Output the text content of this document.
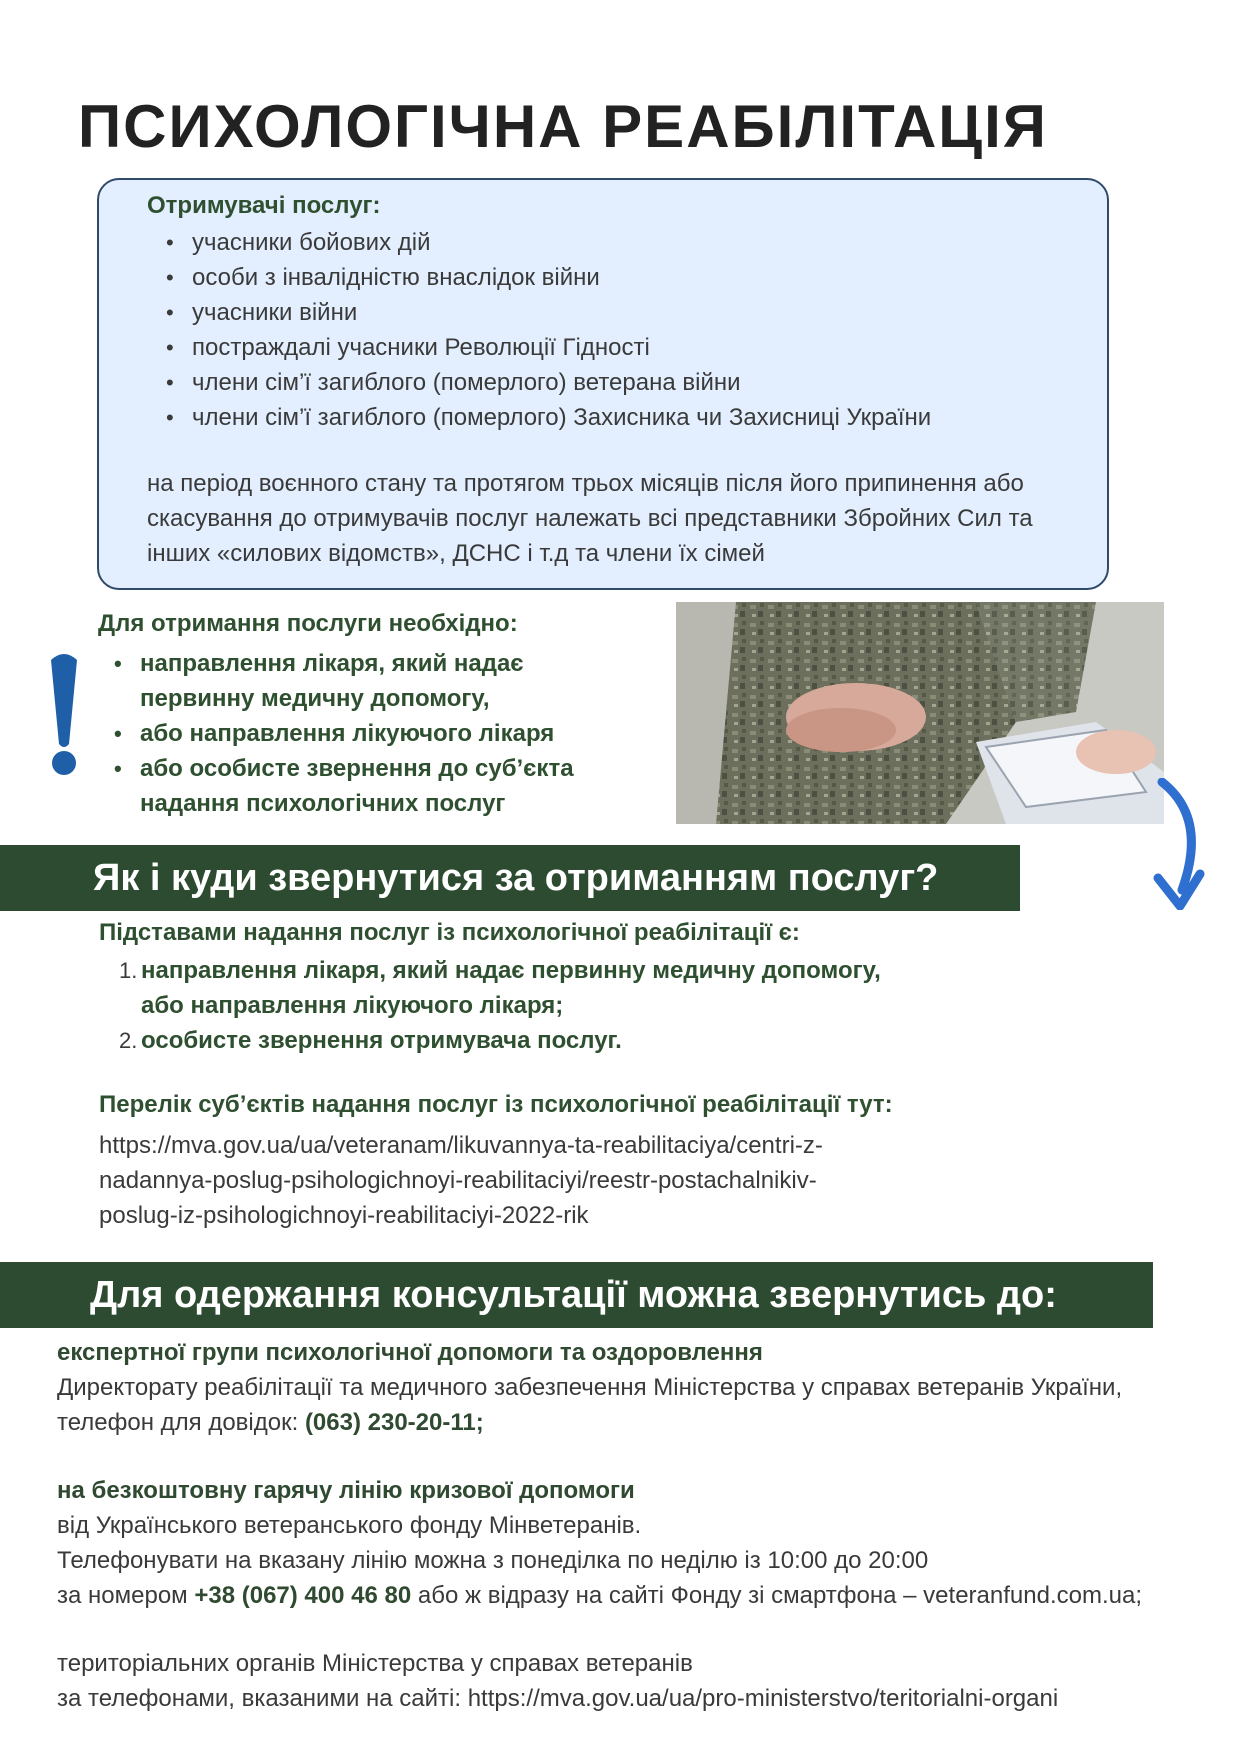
ПСИХОЛОГІЧНА РЕАБІЛІТАЦІЯ
Отримувачі послуг:
• учасники бойових дій
• особи з інвалідністю внаслідок війни
• учасники війни
• постраждалі учасники Революції Гідності
• члени сім’ї загиблого (померлого) ветерана війни
• члени сім’ї загиблого (померлого) Захисника чи Захисниці України
на період воєнного стану та протягом трьох місяців після його припинення або
скасування до отримувачів послуг належать всі представники Збройних Сил та
інших «силових відомств», ДСНС і т.д та члени їх сімей
Для отримання послуги необхідно:
• направлення лікаря, який надає
первинну медичну допомогу,
• або направлення лікуючого лікаря
• або особисте звернення до суб’єкта
надання психологічних послуг
Як і куди звернутися за отриманням послуг?
Підставами надання послуг із психологічної реабілітації є:
1. направлення лікаря, який надає первинну медичну допомогу,
або направлення лікуючого лікаря;
2. особисте звернення отримувача послуг.
Перелік суб’єктів надання послуг із психологічної реабілітації тут:
https://mva.gov.ua/ua/veteranam/likuvannya-ta-reabilitaciya/centri-z-
nadannya-poslug-psihologichnoyi-reabilitaciyi/reestr-postachalnikiv-
poslug-iz-psihologichnoyi-reabilitaciyi-2022-rik
Для одержання консультації можна звернутись до:
експертної групи психологічної допомоги та оздоровлення
Директорату реабілітації та медичного забезпечення Міністерства у справах ветеранів України,
телефон для довідок: (063) 230-20-11;
на безкоштовну гарячу лінію кризової допомоги
від Українського ветеранського фонду Мінветеранів.
Телефонувати на вказану лінію можна з понеділка по неділю із 10:00 до 20:00
за номером +38 (067) 400 46 80 або ж відразу на сайті Фонду зі смартфона – veteranfund.com.ua;
територіальних органів Міністерства у справах ветеранів
за телефонами, вказаними на сайті: https://mva.gov.ua/ua/pro-ministerstvo/teritorialni-organi
